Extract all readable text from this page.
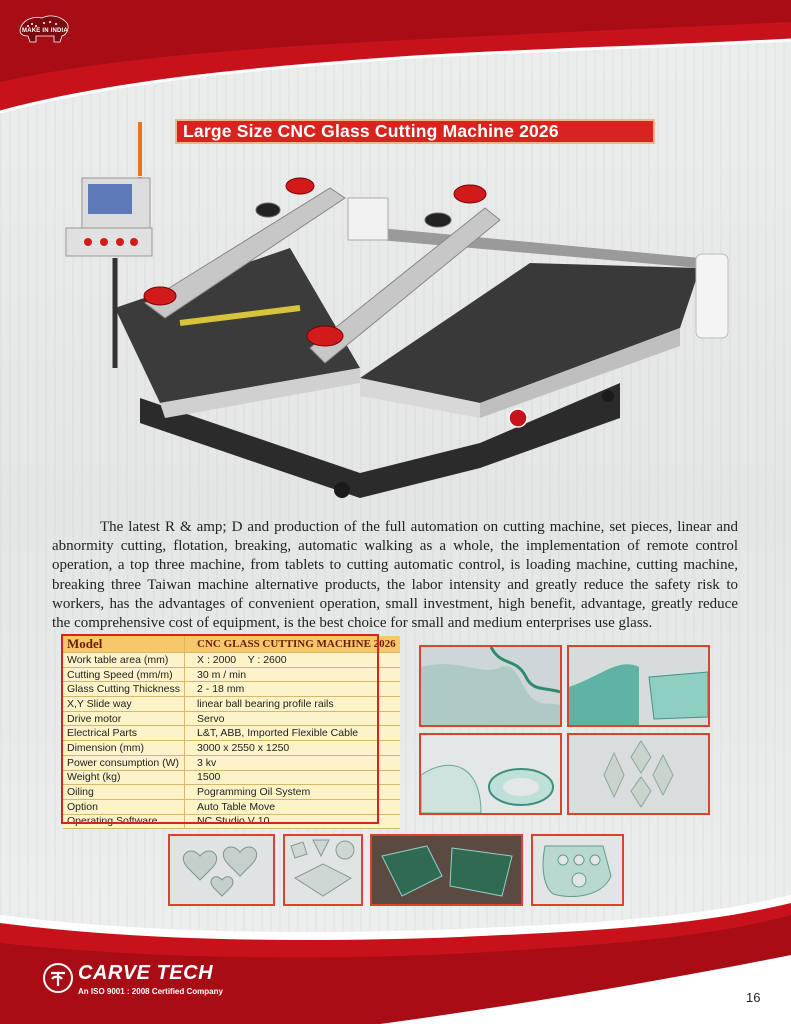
MAKE IN INDIA
Large Size CNC Glass Cutting Machine 2026

The latest R & amp; D and production of the full automation on cutting machine, set pieces, linear and abnormity cutting, flotation, breaking, automatic walking as a whole, the implementation of remote control operation, a top three machine, from tablets to cutting automatic control, is loading machine, cutting machine, breaking three Taiwan machine alternative products, the labor intensity and greatly reduce the safety risk to workers, has the advantages of convenient operation, small investment, high benefit, advantage, greatly reduce the comprehensive cost of equipment, is the best choice for small and medium enterprises use glass.

Model	CNC GLASS CUTTING MACHINE 2026
Work table area (mm)	X : 2000    Y : 2600
Cutting Speed (mm/m)	30 m / min
Glass Cutting Thickness	2 - 18 mm
X,Y Slide way	linear ball bearing profile rails
Drive motor	Servo
Electrical Parts	L&T, ABB, Imported Flexible Cable
Dimension (mm)	3000 x 2550 x 1250
Power consumption (W)	3 kv
Weight (kg)	1500
Oiling	Pogramming Oil System
Option	Auto Table Move
Operating Software	NC Studio V 10
CARVE TECH
An ISO 9001 : 2008 Certified Company	16
